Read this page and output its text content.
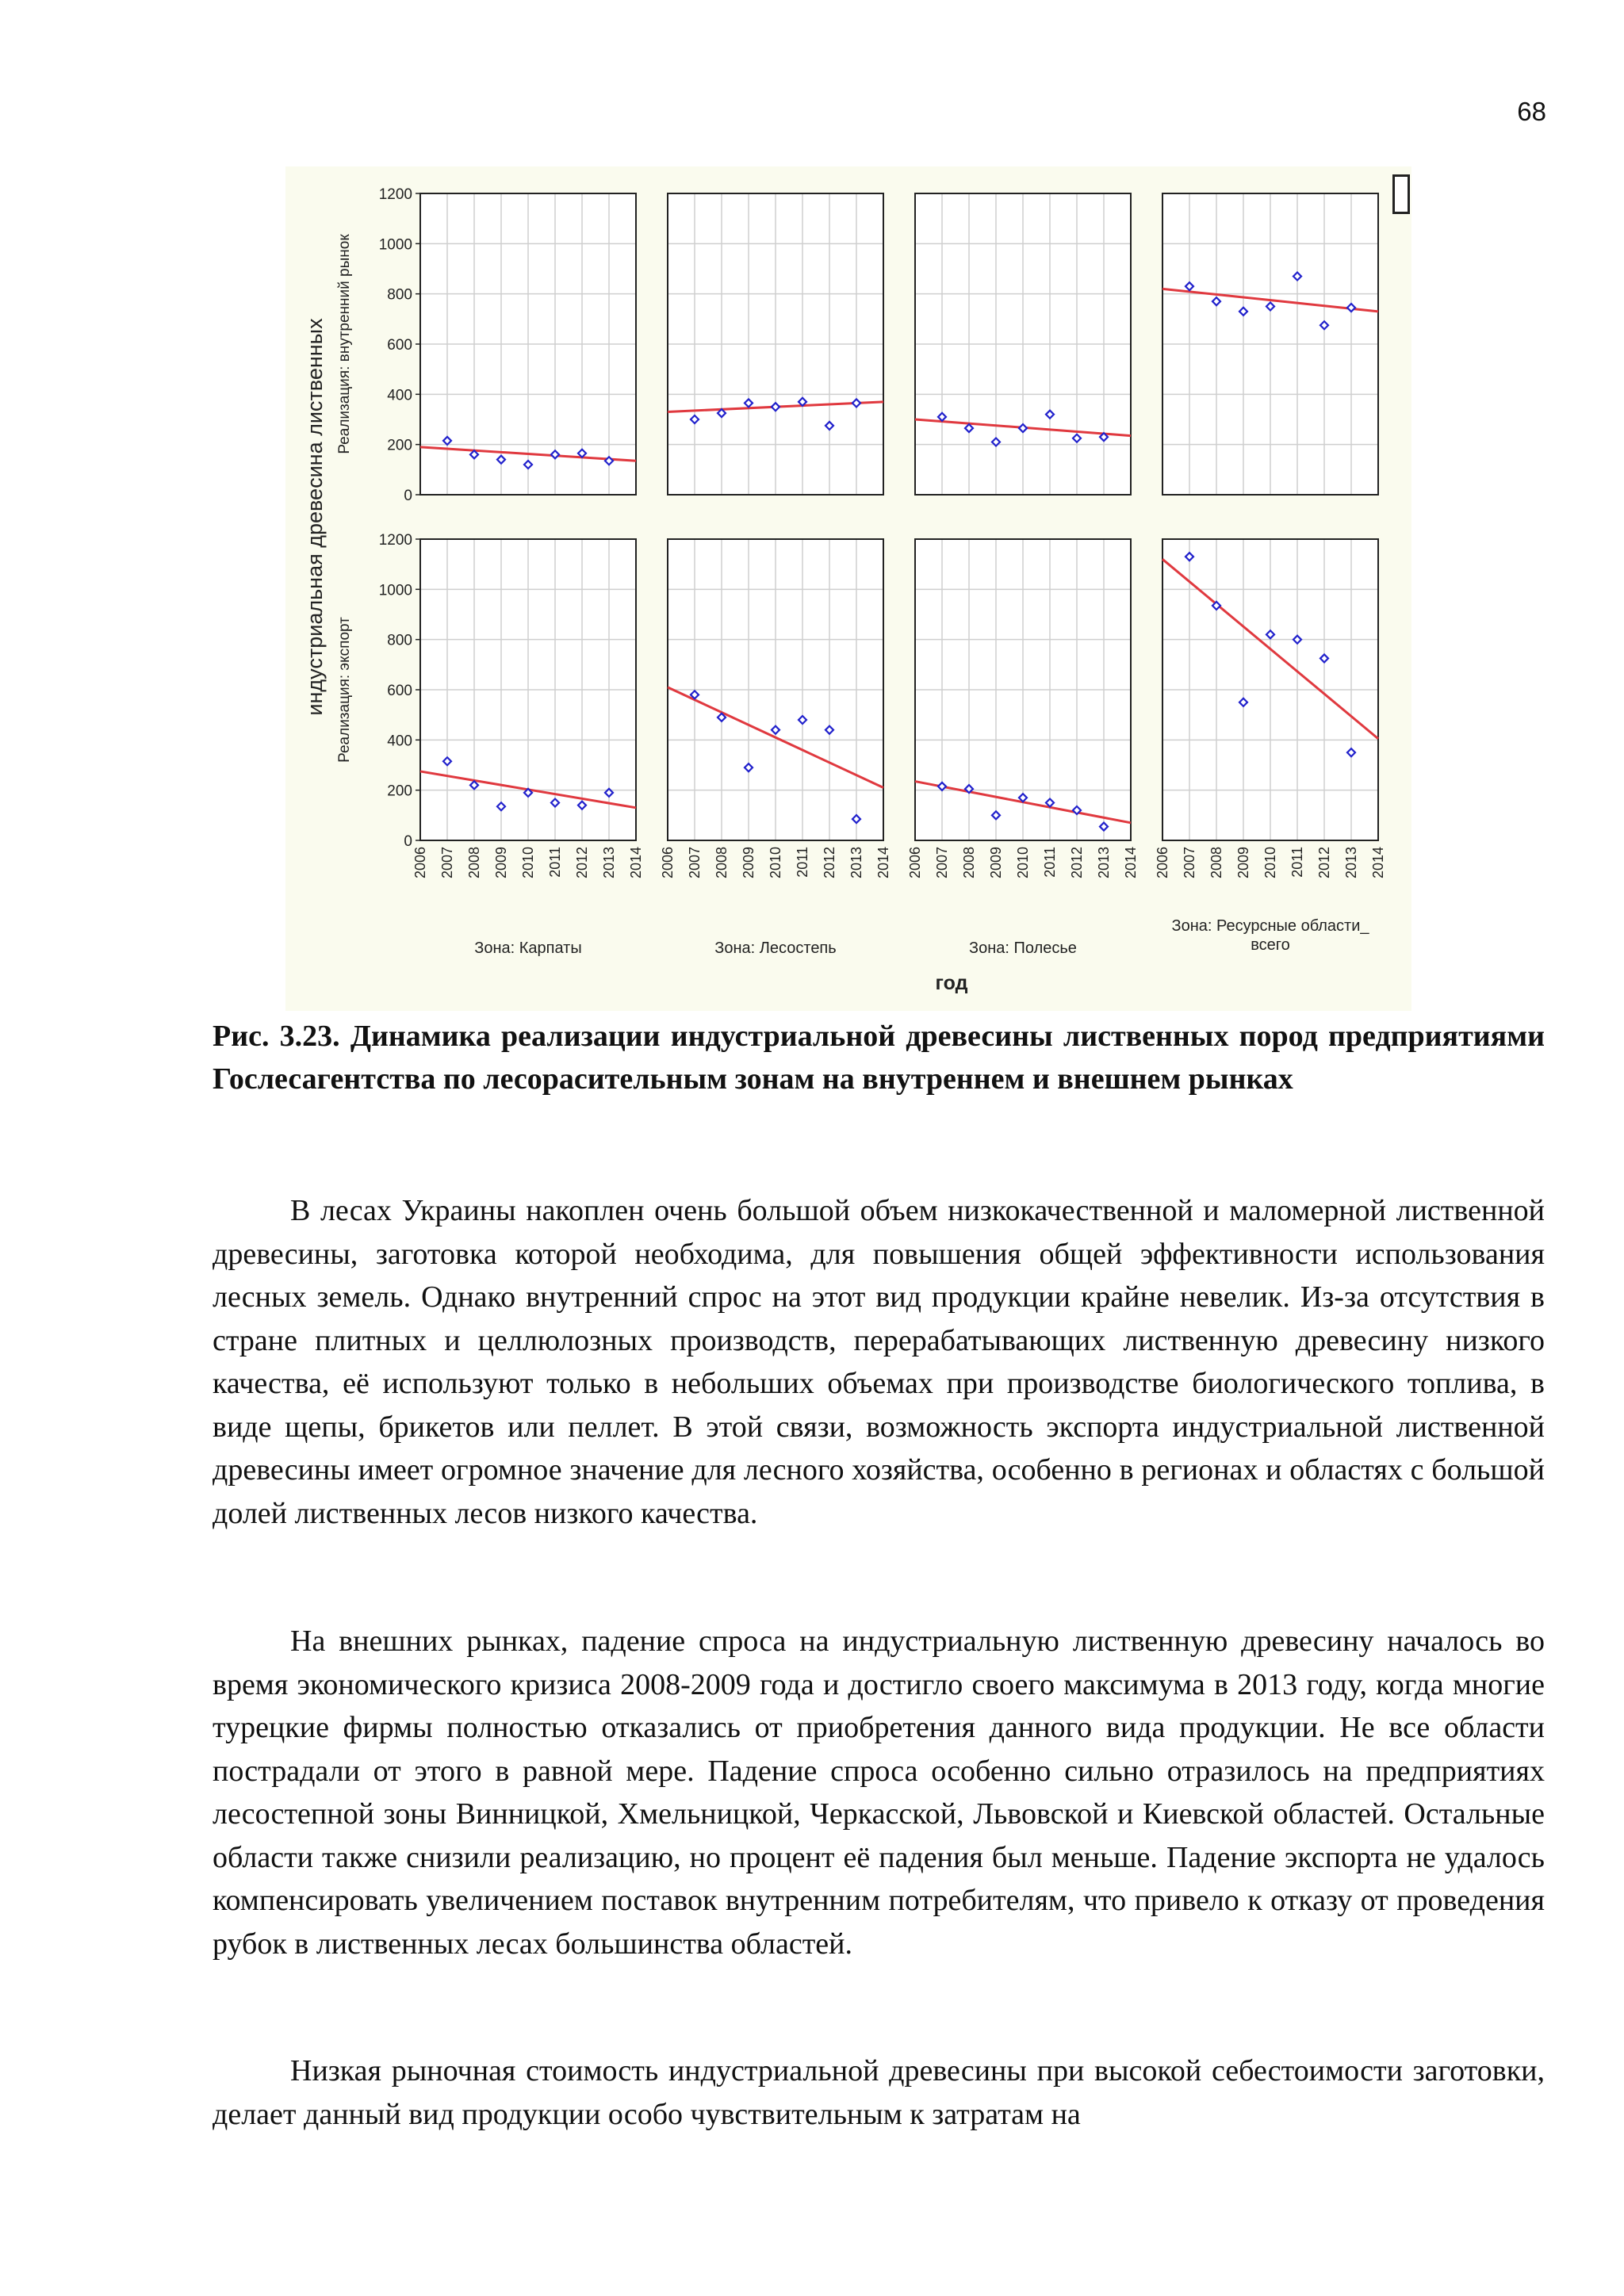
68
0
200
400
600
800
1000
1200
0
200
400
600
800
1000
1200
2006 2007 2008 2009 2010 2011 2012 2013 2014 2006 2007 2008 2009 2010 2011 2012 2013 2014 2006 2007 2008 2009 2010 2011 2012 2013 2014 2006 2007 2008 2009 2010 2011 2012 2013 2014
Зона: Карпаты	Зона: Лесостепь	Зона: Полесье
Зона: Ресурсные области_
всего
год
Реализация: внутренний рынок
Реализация: экспорт
индустриальная древесина лиственных
Рис. 3.23. Динамика реализации индустриальной древесины лиственных пород предприятиями Гослесагентства по лесорасительным зонам на внутреннем и внешнем рынках

В лесах Украины накоплен очень большой объем низкокачественной и маломерной лиственной древесины, заготовка которой необходима, для повышения общей эффективности использования лесных земель. Однако внутренний спрос на этот вид продукции крайне невелик. Из-за отсутствия в стране плитных и целлюлозных производств, перерабатывающих лиственную древесину низкого качества, её используют только в небольших объемах при производстве биологического топлива, в виде щепы, брикетов или пеллет. В этой связи, возможность экспорта индустриальной лиственной древесины имеет огромное значение для лесного хозяйства, особенно в регионах и областях с большой долей лиственных лесов низкого качества.

На внешних рынках, падение спроса на индустриальную лиственную древесину началось во время экономического кризиса 2008-2009 года и достигло своего максимума в 2013 году, когда многие турецкие фирмы полностью отказались от приобретения данного вида продукции. Не все области пострадали от этого в равной мере. Падение спроса особенно сильно отразилось на предприятиях лесостепной зоны Винницкой, Хмельницкой, Черкасской, Львовской и Киевской областей. Остальные области также снизили реализацию, но процент её падения был меньше. Падение экспорта не удалось компенсировать увеличением поставок внутренним потребителям, что привело к отказу от проведения рубок в лиственных лесах большинства областей.

Низкая рыночная стоимость индустриальной древесины при высокой себестоимости заготовки, делает данный вид продукции особо чувствительным к затратам на
